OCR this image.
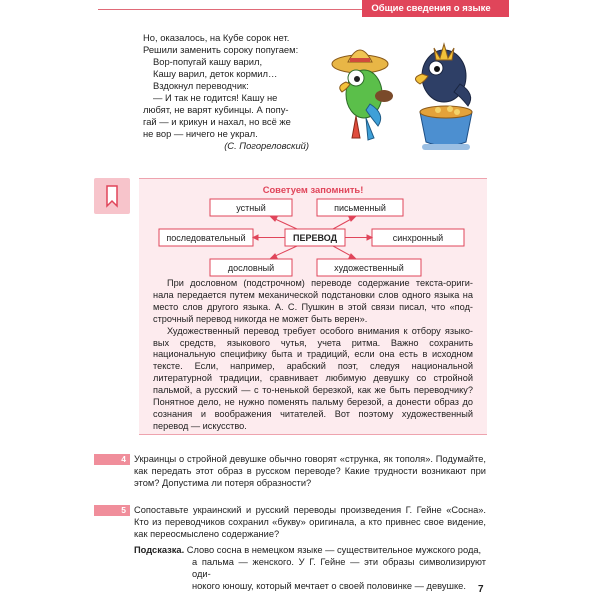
Общие сведения о языке
Но, оказалось, на Кубе сорок нет.
Решили заменить сороку попугаем:
Вор-попугай кашу варил,
Кашу варил, деток кормил…
Вздокнул переводчик:
— И так не годится! Кашу не
любят, не варят кубинцы. А попу-
гай — и крикун и нахал, но всё же
не вор — ничего не украл.
(С. Погореловский)
Советуем запомнить!
устный	письменный
последовательный	ПЕРЕВОД	синхронный
дословный	художественный

При дословном (подстрочном) переводе содержание текста-ориги-нала передается путем механической подстановки слов одного языка на место слов другого языка. А. С. Пушкин в этой связи писал, что «под-строчный перевод никогда не может быть верен».

Художественный перевод требует особого внимания к отбору языко-вых средств, языкового чутья, учета ритма. Важно сохранить национальную специфику быта и традиций, если она есть в исходном тексте. Если, например, арабский поэт, следуя национальной литературной традиции, сравнивает любимую девушку со стройной пальмой, а русский — с то-ненькой березкой, как же быть переводчику? Понятное дело, не нужно поменять пальму березой, а донести образ до сознания и воображения читателей. Вот поэтому художественный перевод — искусство.

4 Украинцы о стройной девушке обычно говорят «струнка, як тополя». Подумайте, как передать этот образ в русском переводе? Какие трудности возникают при этом? Допустима ли потеря образности?
5 Сопоставьте украинский и русский переводы произведения Г. Гейне «Сосна». Кто из переводчиков сохранил «букву» оригинала, а кто привнес свое видение, как переосмыслено содержание?
Подсказка. Слово сосна в немецком языке — существительное мужского рода,
а пальма — женского. У Г. Гейне — эти образы символизируют оди-
нокого юношу, который мечтает о своей половинке — девушке.	7
